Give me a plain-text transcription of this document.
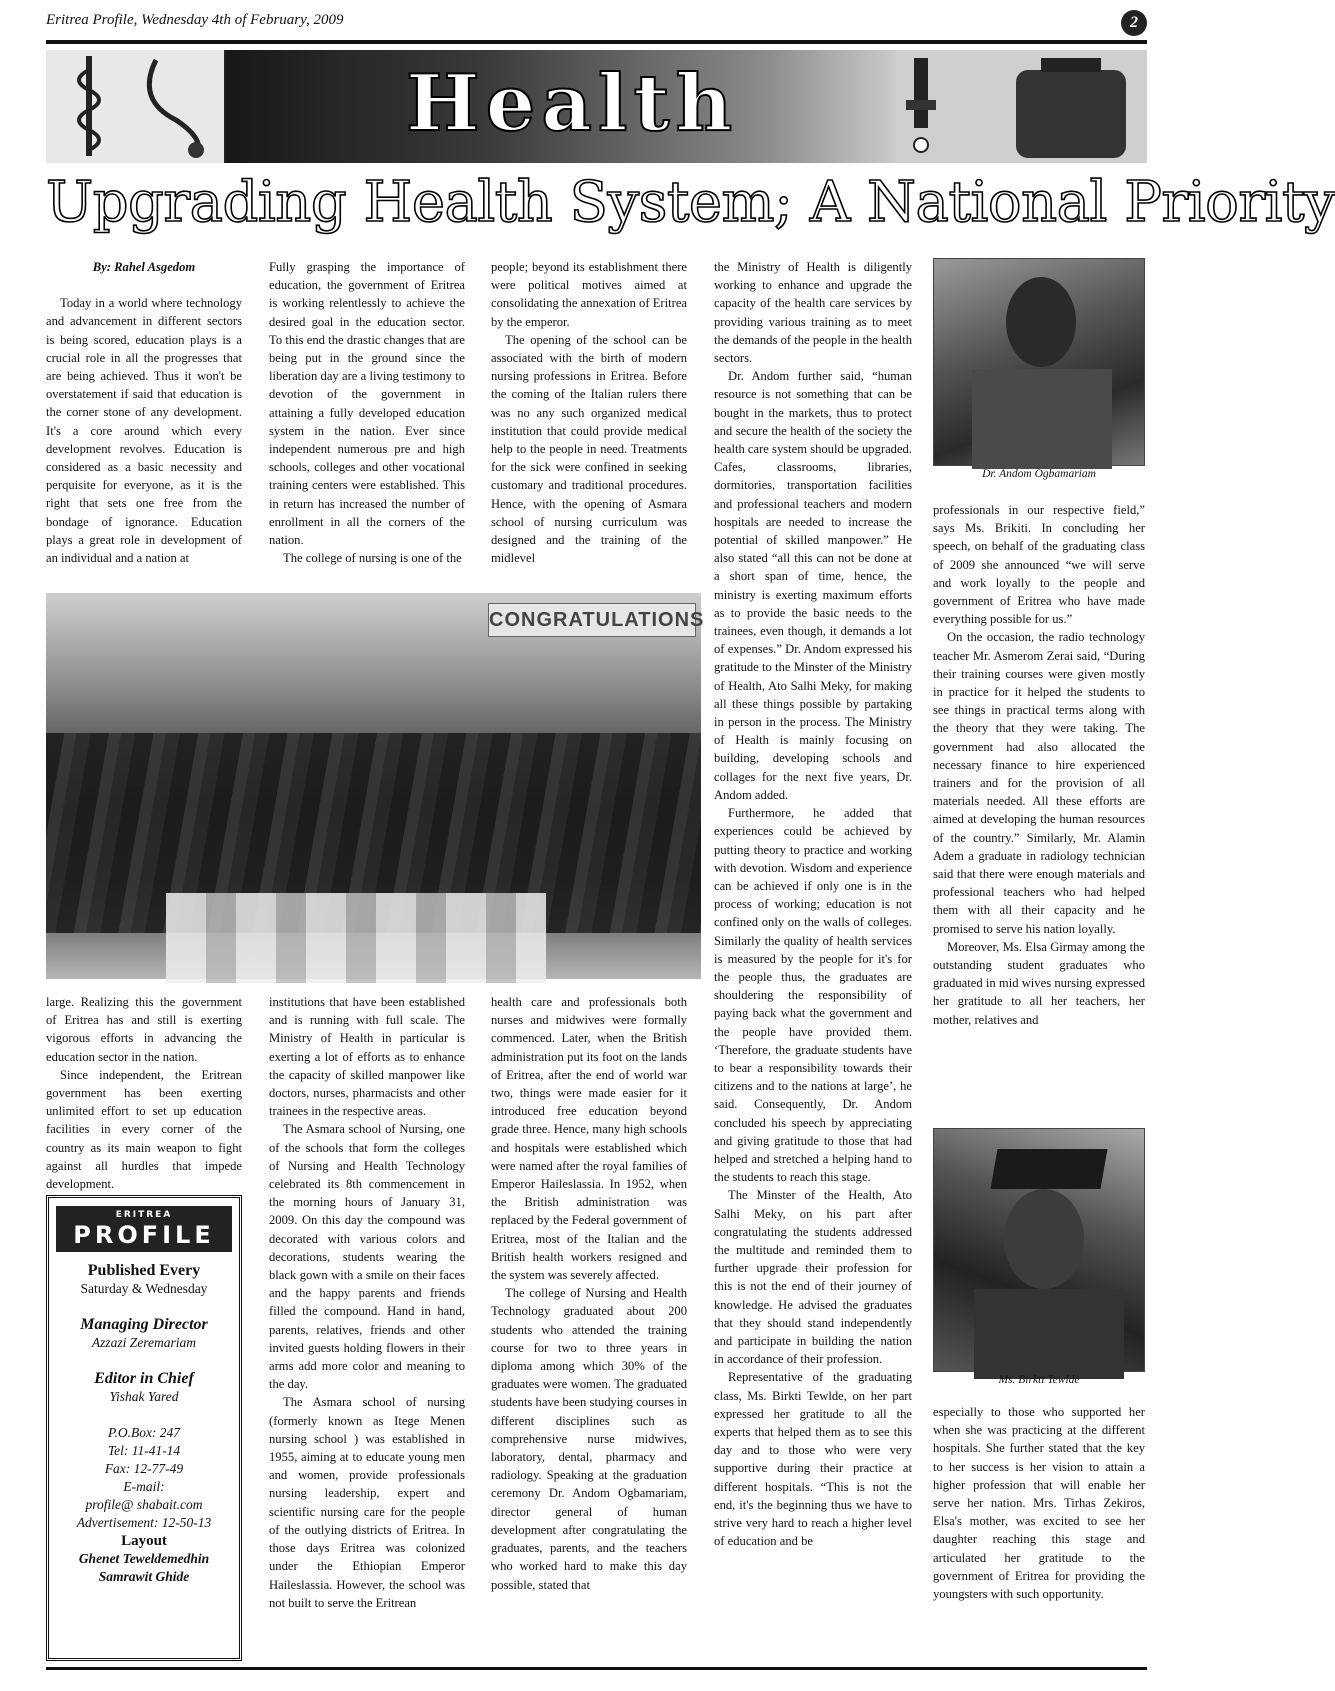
Eritrea Profile, Wednesday 4th of February, 2009	2
Health
Upgrading Health System; A National Priority
By: Rahel Asgedom

Today in a world where technology and advancement in different sectors is being scored, education plays is a crucial role in all the progresses that are being achieved. Thus it won't be overstatement if said that education is the corner stone of any development. It's a core around which every development revolves. Education is considered as a basic necessity and perquisite for everyone, as it is the right that sets one free from the bondage of ignorance. Education plays a great role in development of an individual and a nation at

Fully grasping the importance of education, the government of Eritrea is working relentlessly to achieve the desired goal in the education sector. To this end the drastic changes that are being put in the ground since the liberation day are a living testimony to devotion of the government in attaining a fully developed education system in the nation. Ever since independent numerous pre and high schools, colleges and other vocational training centers were established. This in return has increased the number of enrollment in all the corners of the nation.

The college of nursing is one of the

people; beyond its establishment there were political motives aimed at consolidating the annexation of Eritrea by the emperor.

The opening of the school can be associated with the birth of modern nursing professions in Eritrea. Before the coming of the Italian rulers there was no any such organized medical institution that could provide medical help to the people in need. Treatments for the sick were confined in seeking customary and traditional procedures. Hence, with the opening of Asmara school of nursing curriculum was designed and the training of the midlevel

the Ministry of Health is diligently working to enhance and upgrade the capacity of the health care services by providing various training as to meet the demands of the people in the health sectors.

Dr. Andom further said, “human resource is not something that can be bought in the markets, thus to protect and secure the health of the society the health care system should be upgraded. Cafes, classrooms, libraries, dormitories, transportation facilities and professional teachers and modern hospitals are needed to increase the potential of skilled manpower.” He also stated “all this can not be done at a short span of time, hence, the ministry is exerting maximum efforts as to provide the basic needs to the trainees, even though, it demands a lot of expenses.” Dr. Andom expressed his gratitude to the Minster of the Ministry of Health, Ato Salhi Meky, for making all these things possible by partaking in person in the process. The Ministry of Health is mainly focusing on building, developing schools and collages for the next five years, Dr. Andom added.

Furthermore, he added that experiences could be achieved by putting theory to practice and working with devotion. Wisdom and experience can be achieved if only one is in the process of working; education is not confined only on the walls of colleges. Similarly the quality of health services is measured by the people for it's for the people thus, the graduates are shouldering the responsibility of paying back what the government and the people have provided them. ‘Therefore, the graduate students have to bear a responsibility towards their citizens and to the nations at large’, he said. Consequently, Dr. Andom concluded his speech by appreciating and giving gratitude to those that had helped and stretched a helping hand to the students to reach this stage.

The Minster of the Health, Ato Salhi Meky, on his part after congratulating the students addressed the multitude and reminded them to further upgrade their profession for this is not the end of their journey of knowledge. He advised the graduates that they should stand independently and participate in building the nation in accordance of their profession.

Representative of the graduating class, Ms. Birkti Tewlde, on her part expressed her gratitude to all the experts that helped them as to see this day and to those who were very supportive during their practice at different hospitals. “This is not the end, it's the beginning thus we have to strive very hard to reach a higher level of education and be

Dr. Andom Ogbamariam

professionals in our respective field,” says Ms. Brikiti. In concluding her speech, on behalf of the graduating class of 2009 she announced “we will serve and work loyally to the people and government of Eritrea who have made everything possible for us.”

On the occasion, the radio technology teacher Mr. Asmerom Zerai said, “During their training courses were given mostly in practice for it helped the students to see things in practical terms along with the theory that they were taking. The government had also allocated the necessary finance to hire experienced trainers and for the provision of all materials needed. All these efforts are aimed at developing the human resources of the country.” Similarly, Mr. Alamin Adem a graduate in radiology technician said that there were enough materials and professional teachers who had helped them with all their capacity and he promised to serve his nation loyally.

Moreover, Ms. Elsa Girmay among the outstanding student graduates who graduated in mid wives nursing expressed her gratitude to all her teachers, her mother, relatives and

CONGRATULATIONS

large. Realizing this the government of Eritrea has and still is exerting vigorous efforts in advancing the education sector in the nation.

Since independent, the Eritrean government has been exerting unlimited effort to set up education facilities in every corner of the country as its main weapon to fight against all hurdles that impede development.

institutions that have been established and is running with full scale. The Ministry of Health in particular is exerting a lot of efforts as to enhance the capacity of skilled manpower like doctors, nurses, pharmacists and other trainees in the respective areas.

The Asmara school of Nursing, one of the schools that form the colleges of Nursing and Health Technology celebrated its 8th commencement in the morning hours of January 31, 2009. On this day the compound was decorated with various colors and decorations, students wearing the black gown with a smile on their faces and the happy parents and friends filled the compound. Hand in hand, parents, relatives, friends and other invited guests holding flowers in their arms add more color and meaning to the day.

The Asmara school of nursing (formerly known as Itege Menen nursing school ) was established in 1955, aiming at to educate young men and women, provide professionals nursing leadership, expert and scientific nursing care for the people of the outlying districts of Eritrea. In those days Eritrea was colonized under the Ethiopian Emperor Haileslassia. However, the school was not built to serve the Eritrean

health care and professionals both nurses and midwives were formally commenced. Later, when the British administration put its foot on the lands of Eritrea, after the end of world war two, things were made easier for it introduced free education beyond grade three. Hence, many high schools and hospitals were established which were named after the royal families of Emperor Haileslassia. In 1952, when the British administration was replaced by the Federal government of Eritrea, most of the Italian and the British health workers resigned and the system was severely affected.

The college of Nursing and Health Technology graduated about 200 students who attended the training course for two to three years in diploma among which 30% of the graduates were women. The graduated students have been studying courses in different disciplines such as comprehensive nurse midwives, laboratory, dental, pharmacy and radiology. Speaking at the graduation ceremony Dr. Andom Ogbamariam, director general of human development after congratulating the graduates, parents, and the teachers who worked hard to make this day possible, stated that

Ms. Birkti Tewlde

especially to those who supported her when she was practicing at the different hospitals. She further stated that the key to her success is her vision to attain a higher profession that will enable her serve her nation. Mrs. Tirhas Zekiros, Elsa's mother, was excited to see her daughter reaching this stage and articulated her gratitude to the government of Eritrea for providing the youngsters with such opportunity.

ERITREA
PROFILE
Published Every
Saturday & Wednesday
Managing Director
Azzazi Zeremariam
Editor in Chief
Yishak Yared
P.O.Box: 247
Tel: 11-41-14
Fax: 12-77-49
E-mail:
profile@ shabait.com
Advertisement: 12-50-13
Layout
Ghenet Teweldemedhin
Samrawit Ghide
